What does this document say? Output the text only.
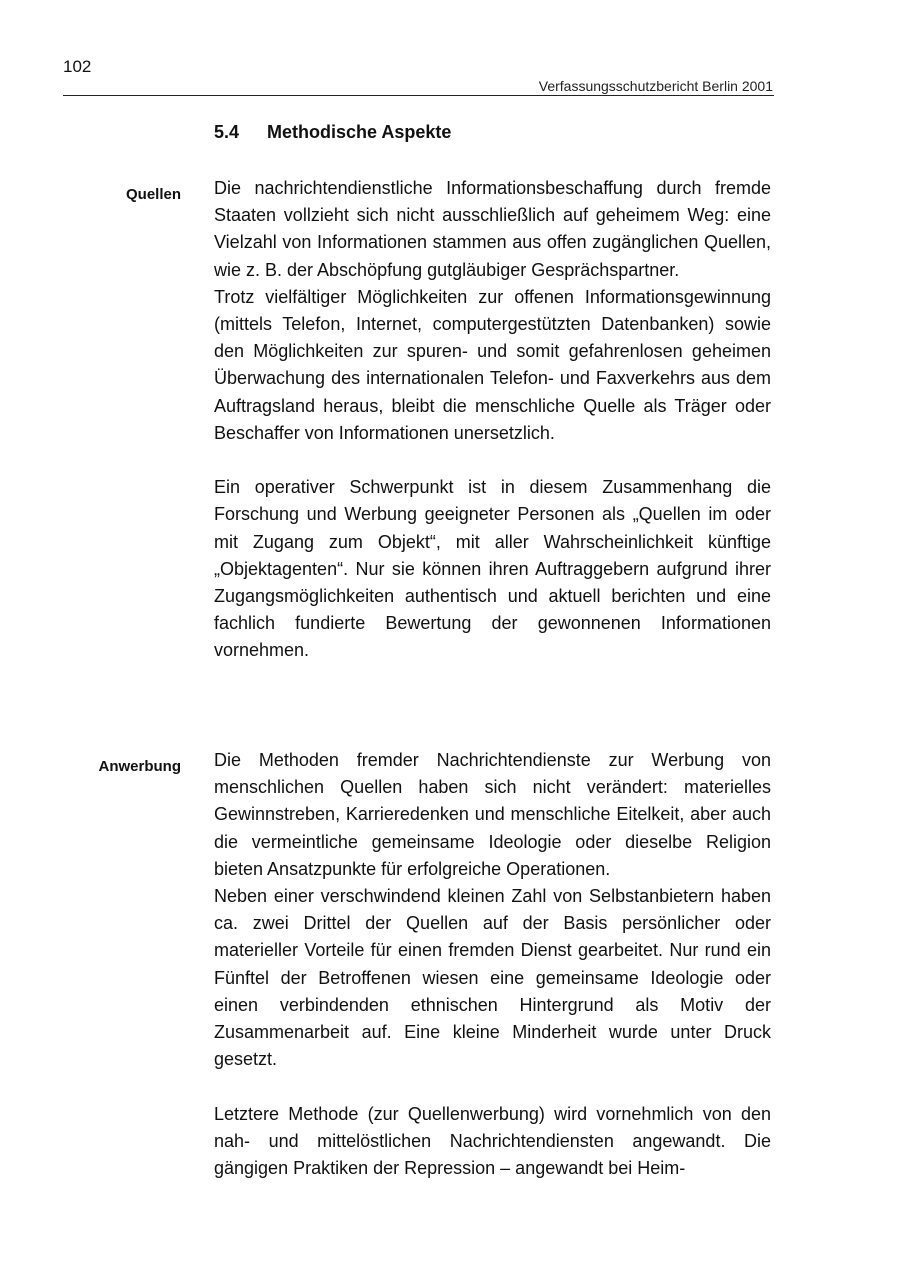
102
Verfassungsschutzbericht Berlin 2001
5.4 Methodische Aspekte
Quellen
Anwerbung

Die nachrichtendienstliche Informationsbeschaffung durch fremde Staaten vollzieht sich nicht ausschließlich auf geheimem Weg: eine Vielzahl von Informationen stammen aus offen zugänglichen Quellen, wie z. B. der Abschöpfung gutgläubiger Gesprächspartner.

Trotz vielfältiger Möglichkeiten zur offenen Informationsgewinnung (mittels Telefon, Internet, computergestützten Datenbanken) sowie den Möglichkeiten zur spuren- und somit gefahrenlosen geheimen Überwachung des internationalen Telefon- und Faxverkehrs aus dem Auftragsland heraus, bleibt die menschliche Quelle als Träger oder Beschaffer von Informationen unersetzlich.

Ein operativer Schwerpunkt ist in diesem Zusammenhang die Forschung und Werbung geeigneter Personen als „Quellen im oder mit Zugang zum Objekt“, mit aller Wahrscheinlichkeit künftige „Objektagenten“. Nur sie können ihren Auftraggebern aufgrund ihrer Zugangsmöglichkeiten authentisch und aktuell berichten und eine fachlich fundierte Bewertung der gewonnenen Informationen vornehmen.

Die Methoden fremder Nachrichtendienste zur Werbung von menschlichen Quellen haben sich nicht verändert: materielles Gewinnstreben, Karrieredenken und menschliche Eitelkeit, aber auch die vermeintliche gemeinsame Ideologie oder dieselbe Religion bieten Ansatzpunkte für erfolgreiche Operationen.

Neben einer verschwindend kleinen Zahl von Selbstanbietern haben ca. zwei Drittel der Quellen auf der Basis persönlicher oder materieller Vorteile für einen fremden Dienst gearbeitet. Nur rund ein Fünftel der Betroffenen wiesen eine gemeinsame Ideologie oder einen verbindenden ethnischen Hintergrund als Motiv der Zusammenarbeit auf. Eine kleine Minderheit wurde unter Druck gesetzt.

Letztere Methode (zur Quellenwerbung) wird vornehmlich von den nah- und mittelöstlichen Nachrichtendiensten angewandt. Die gängigen Praktiken der Repression – angewandt bei Heim-
